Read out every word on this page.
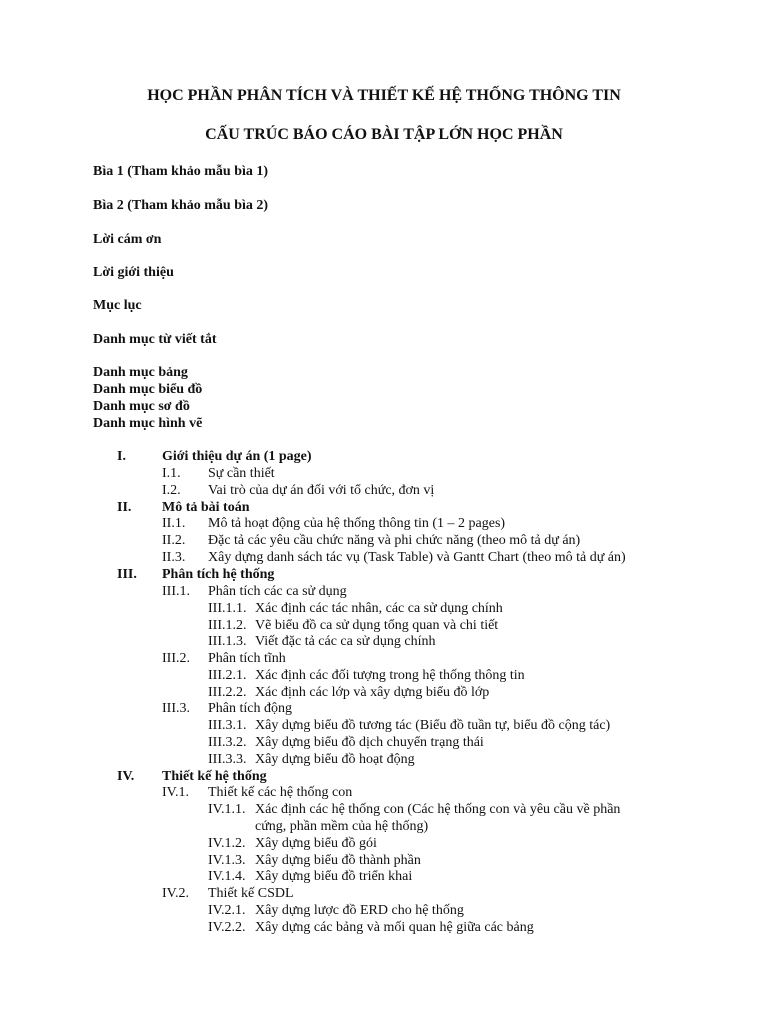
HỌC PHẦN PHÂN TÍCH VÀ THIẾT KẾ HỆ THỐNG THÔNG TIN
CẤU TRÚC BÁO CÁO BÀI TẬP LỚN HỌC PHẦN
Bìa 1 (Tham khảo mẫu bìa 1)
Bìa 2 (Tham khảo mẫu bìa 2)
Lời cám ơn
Lời giới thiệu
Mục lục
Danh mục từ viết tắt
Danh mục bảng
Danh mục biểu đồ
Danh mục sơ đồ
Danh mục hình vẽ
I.	Giới thiệu dự án (1 page)
I.1. Sự cần thiết
I.2. Vai trò của dự án đối với tổ chức, đơn vị
II. Mô tả bài toán
II.1. Mô tả hoạt động của hệ thống thông tin (1 – 2 pages)
II.2. Đặc tả các yêu cầu chức năng và phi chức năng (theo mô tả dự án)
II.3. Xây dựng danh sách tác vụ (Task Table) và Gantt Chart (theo mô tả dự án)
III. Phân tích hệ thống
III.1. Phân tích các ca sử dụng
III.1.1. Xác định các tác nhân, các ca sử dụng chính
III.1.2. Vẽ biểu đồ ca sử dụng tổng quan và chi tiết
III.1.3. Viết đặc tả các ca sử dụng chính
III.2. Phân tích tĩnh
III.2.1. Xác định các đối tượng trong hệ thống thông tin
III.2.2. Xác định các lớp và xây dựng biểu đồ lớp
III.3. Phân tích động
III.3.1. Xây dựng biểu đồ tương tác (Biểu đồ tuần tự, biểu đồ cộng tác)
III.3.2. Xây dựng biểu đồ dịch chuyển trạng thái
III.3.3. Xây dựng biểu đồ hoạt động
IV. Thiết kế hệ thống
IV.1. Thiết kế các hệ thống con
IV.1.1. Xác định các hệ thống con (Các hệ thống con và yêu cầu về phần
cứng, phần mềm của hệ thống)
IV.1.2. Xây dựng biểu đồ gói
IV.1.3. Xây dựng biểu đồ thành phần
IV.1.4. Xây dựng biểu đồ triển khai
IV.2. Thiết kế CSDL
IV.2.1. Xây dựng lược đồ ERD cho hệ thống
IV.2.2. Xây dựng các bảng và mối quan hệ giữa các bảng
